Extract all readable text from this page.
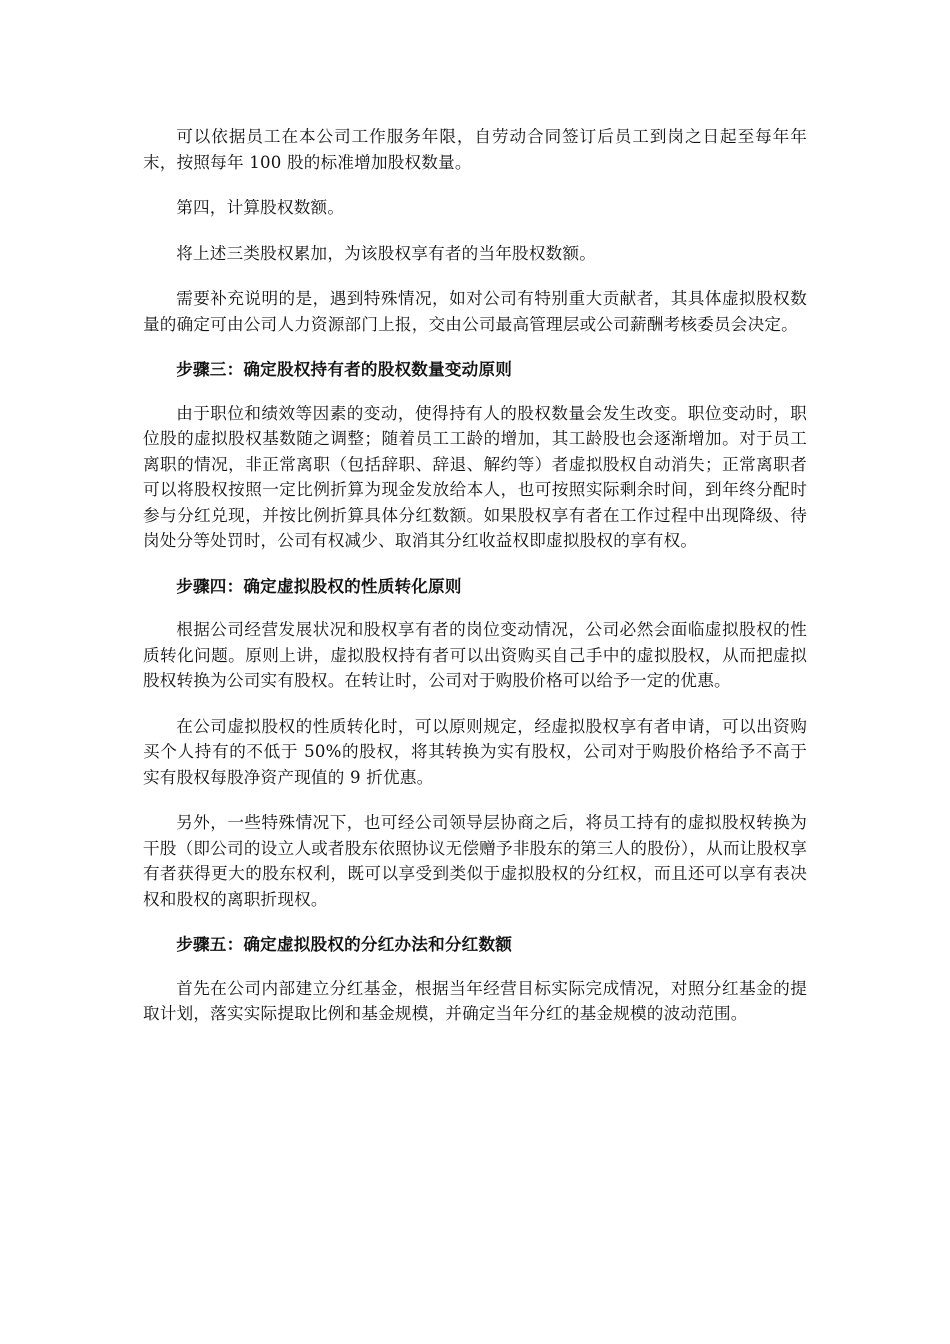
可以依据员工在本公司工作服务年限，自劳动合同签订后员工到岗之日起至每年年末，按照每年 100 股的标准增加股权数量。

第四，计算股权数额。

将上述三类股权累加，为该股权享有者的当年股权数额。

需要补充说明的是，遇到特殊情况，如对公司有特别重大贡献者，其具体虚拟股权数量的确定可由公司人力资源部门上报，交由公司最高管理层或公司薪酬考核委员会决定。

步骤三：确定股权持有者的股权数量变动原则

由于职位和绩效等因素的变动，使得持有人的股权数量会发生改变。职位变动时，职位股的虚拟股权基数随之调整；随着员工工龄的增加，其工龄股也会逐渐增加。对于员工离职的情况，非正常离职（包括辞职、辞退、解约等）者虚拟股权自动消失；正常离职者可以将股权按照一定比例折算为现金发放给本人，也可按照实际剩余时间，到年终分配时参与分红兑现，并按比例折算具体分红数额。如果股权享有者在工作过程中出现降级、待岗处分等处罚时，公司有权减少、取消其分红收益权即虚拟股权的享有权。

步骤四：确定虚拟股权的性质转化原则

根据公司经营发展状况和股权享有者的岗位变动情况，公司必然会面临虚拟股权的性质转化问题。原则上讲，虚拟股权持有者可以出资购买自己手中的虚拟股权，从而把虚拟股权转换为公司实有股权。在转让时，公司对于购股价格可以给予一定的优惠。

在公司虚拟股权的性质转化时，可以原则规定，经虚拟股权享有者申请，可以出资购买个人持有的不低于 50%的股权，将其转换为实有股权，公司对于购股价格给予不高于实有股权每股净资产现值的 9 折优惠。

另外，一些特殊情况下，也可经公司领导层协商之后，将员工持有的虚拟股权转换为干股（即公司的设立人或者股东依照协议无偿赠予非股东的第三人的股份），从而让股权享有者获得更大的股东权利，既可以享受到类似于虚拟股权的分红权，而且还可以享有表决权和股权的离职折现权。

步骤五：确定虚拟股权的分红办法和分红数额

首先在公司内部建立分红基金，根据当年经营目标实际完成情况，对照分红基金的提取计划，落实实际提取比例和基金规模，并确定当年分红的基金规模的波动范围。
